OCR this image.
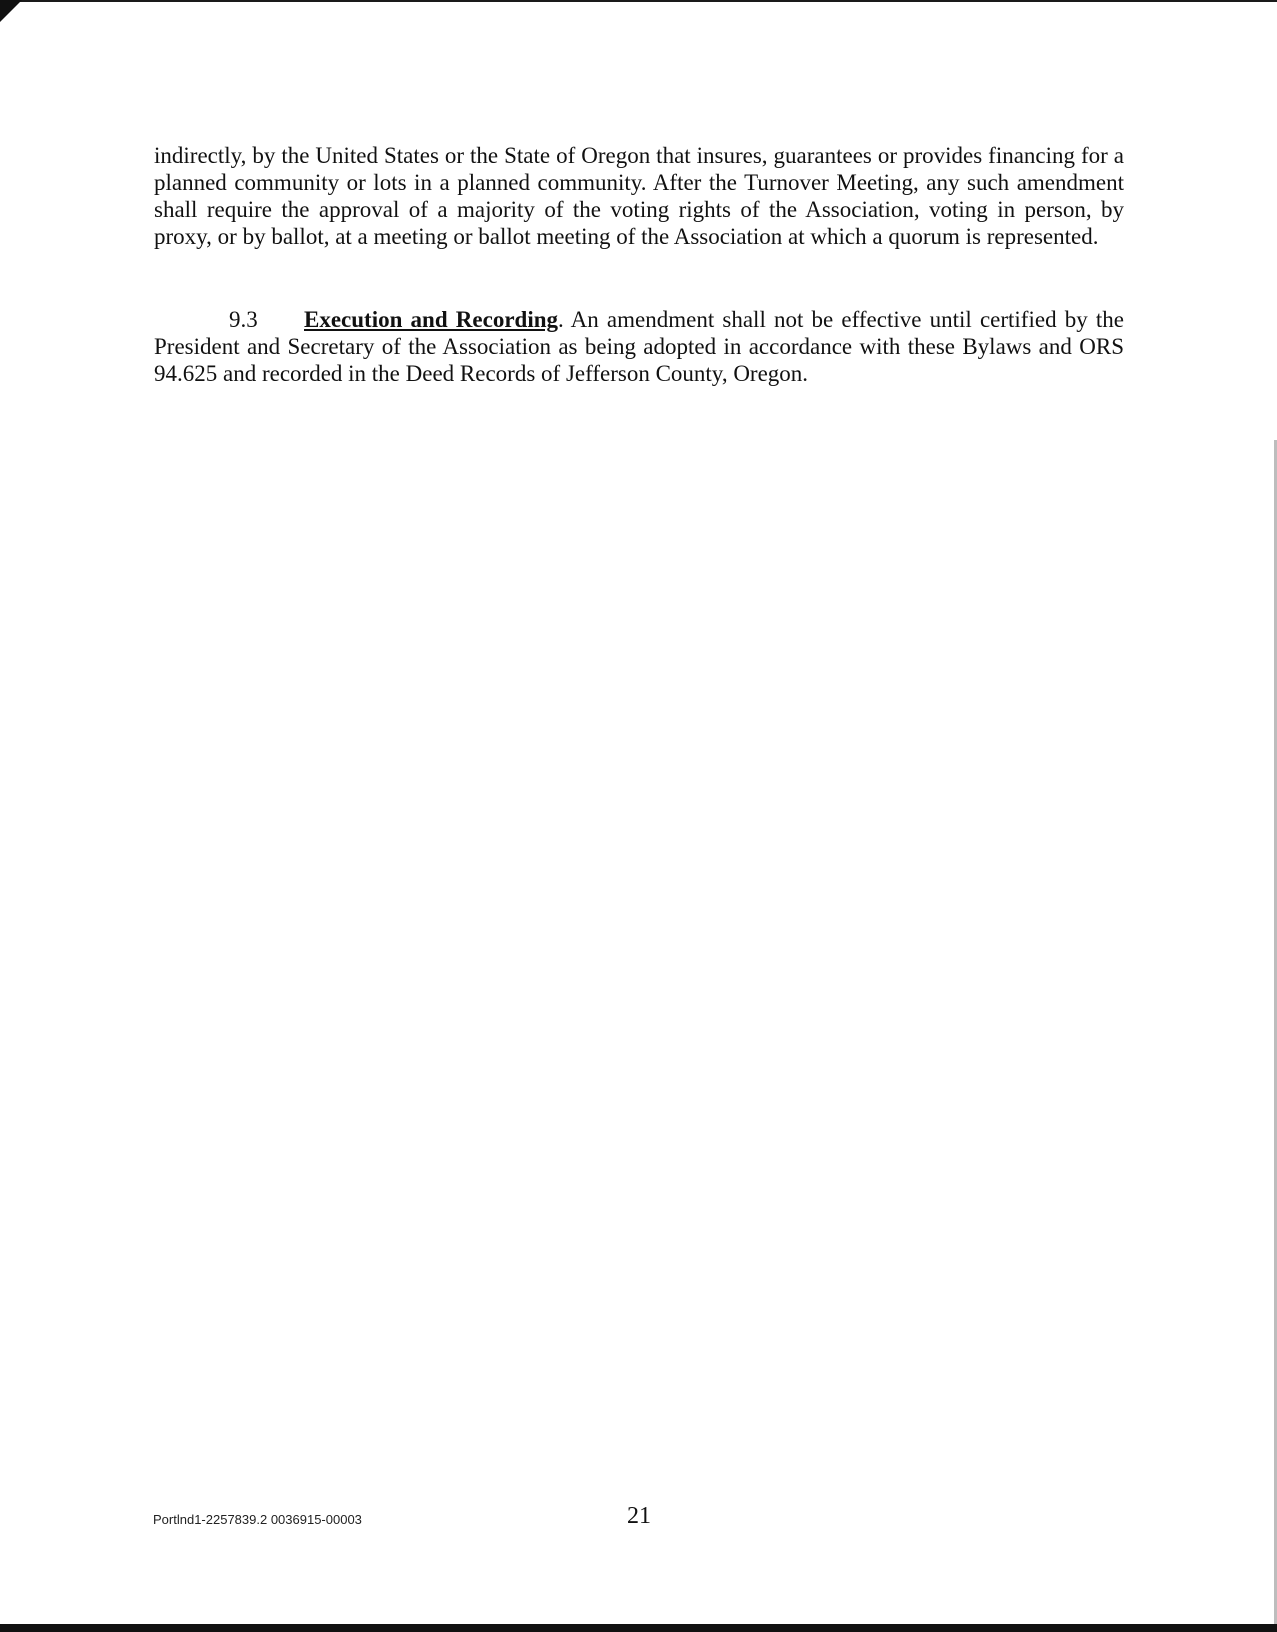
indirectly, by the United States or the State of Oregon that insures, guarantees or provides financing for a planned community or lots in a planned community. After the Turnover Meeting, any such amendment shall require the approval of a majority of the voting rights of the Association, voting in person, by proxy, or by ballot, at a meeting or ballot meeting of the Association at which a quorum is represented.

9.3 Execution and Recording. An amendment shall not be effective until certified by the President and Secretary of the Association as being adopted in accordance with these Bylaws and ORS 94.625 and recorded in the Deed Records of Jefferson County, Oregon.

Portlnd1-2257839.2 0036915-00003	21
